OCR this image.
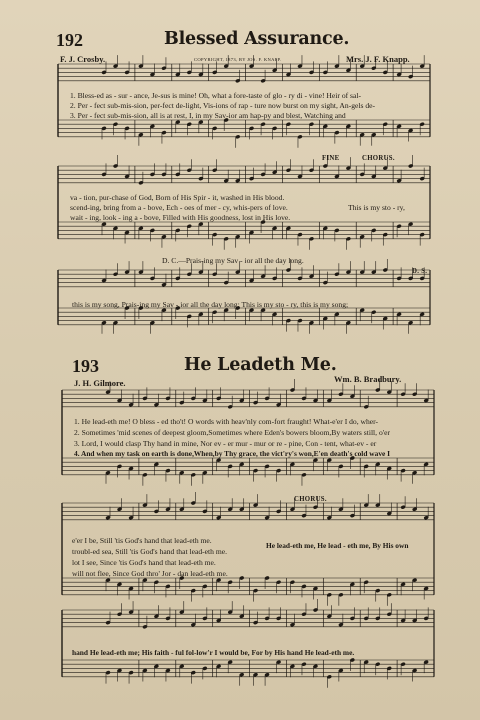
192	Blessed Assurance.
F. J. Crosby.	COPYRIGHT, 1873, BY JOS. F. KNAPP.	Mrs. J. F. Knapp.
1. Bless-ed as - sur - ance, Je-sus is mine! Oh, what a fore-taste of glo - ry di - vine! Heir of sal-
2. Per - fect sub-mis-sion, per-fect de-light, Vis-ions of rap - ture now burst on my sight, An-gels de-
3. Per - fect sub-mis-sion, all is at rest, I, in my Sav-ior am hap-py and blest, Watching and
FINE	CHORUS.
va - tion, pur-chase of God, Born of His Spir - it, washed in His blood.
scend-ing, bring from a - bove, Ech - oes of mer - cy, whis-pers of love.
wait - ing, look - ing a - bove, Filled with His goodness, lost in His love.
This is my sto - ry,
D. C.—Prais-ing my Sav - ior all the day long.
D. S.
this is my song, Prais-ing my Sav - ior all the day long; This is my sto - ry, this is my song;
193	He Leadeth Me.
J. H. Gilmore.	Wm. B. Bradbury.
1. He lead-eth me! O bless - ed tho't! O words with heav'nly com-fort fraught! What-e'er I do, wher-
2. Sometimes 'mid scenes of deepest gloom,Sometimes where Eden's bowers bloom,By waters still, o'er
3. Lord, I would clasp Thy hand in mine, Nor ev - er mur - mur or re - pine, Con - tent, what-ev - er
4. And when my task on earth is done,When,by Thy grace, the vict'ry's won,E'en death's cold wave I
CHORUS.
e'er I be, Still 'tis God's hand that lead-eth me.
troubl-ed sea, Still 'tis God's hand that lead-eth me.
lot I see, Since 'tis God's hand that lead-eth me.
will not flee, Since God thro' Jor - dan lead-eth me.
He lead-eth me, He lead - eth me, By His own
hand He lead-eth me; His faith - ful fol-low'r I would be, For by His hand He lead-eth me.
